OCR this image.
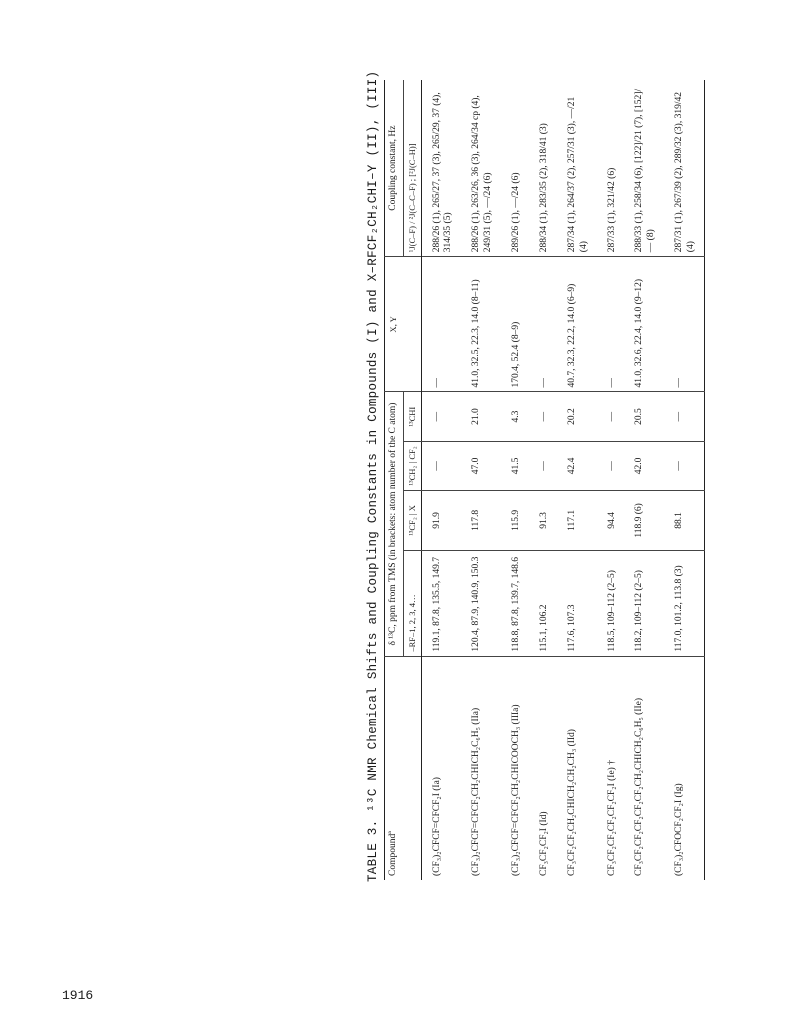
1916
TABLE 3. ¹³C NMR Chemical Shifts and Coupling Constants in Compounds (I) and X–RFCF₂CH₂CHI–Y (II), (III) Compoundª	δ ¹³C, ppm from TMS (in brackets: atom number of the C atom)				X, Y	Coupling constant, Hz
	–RF–1, 2, 3, 4…	¹³CF₂ | X	¹³CH₂ | CF₂	¹³CHI		¹J(C–F) / ²J(C–C–F) ; [²J(C–H)]
(CF₃)₂CFCF=CFCF₂I (Ia)	119.1, 87.8, 135.5, 149.7	91.9	—	—	—	288/26 (1), 265/27, 37 (3), 265/29, 37 (4), 314/35 (5)
(CF₃)₂CFCF=CFCF₂CH₂CHICH₂C₆H₅ (IIa)	120.4, 87.9, 140.9, 150.3	117.8	47.0	21.0	41.0, 32.5, 22.3, 14.0 (8–11)	288/26 (1), 263/26, 36 (3), 264/34 cp (4), 249/31 (5), —/24 (6)
(CF₃)₂CFCF=CFCF₂CH₂CHICOOCH₃ (IIIa)	118.8, 87.8, 139.7, 148.6	115.9	41.5	4.3	170.4, 52.4 (8–9)	289/26 (1), —/24 (6)
CF₃CF₂CF₂I (Id)	115.1, 106.2	91.3	—	—	—	288/34 (1), 283/35 (2), 318/41 (3)
CF₃CF₂CF₂CH₂CHICH₂CH₂CH₃ (IId)	117.6, 107.3	117.1	42.4	20.2	40.7, 32.3, 22.2, 14.0 (6–9)	287/34 (1), 264/37 (2), 257/31 (3), —/21 (4)
CF₃CF₂CF₂CF₂CF₂CF₂I (Ie) †	118.5, 109–112 (2–5)	94.4	—	—	—	287/33 (1), 321/42 (6)
CF₃CF₂CF₂CF₂CF₂CF₂CH₂CHICH₂C₆H₅ (IIe)	118.2, 109–112 (2–5)	118.9 (6)	42.0	20.5	41.0, 32.6, 22.4, 14.0 (9–12)	288/33 (1), 258/34 (6), [122]/21 (7), [152]/— (8)
(CF₃)₂CFOCF₂CF₂I (Ig)	117.0, 101.2, 113.8 (3)	88.1	—	—	—	287/31 (1), 267/39 (2), 289/32 (3), 319/42 (4)
